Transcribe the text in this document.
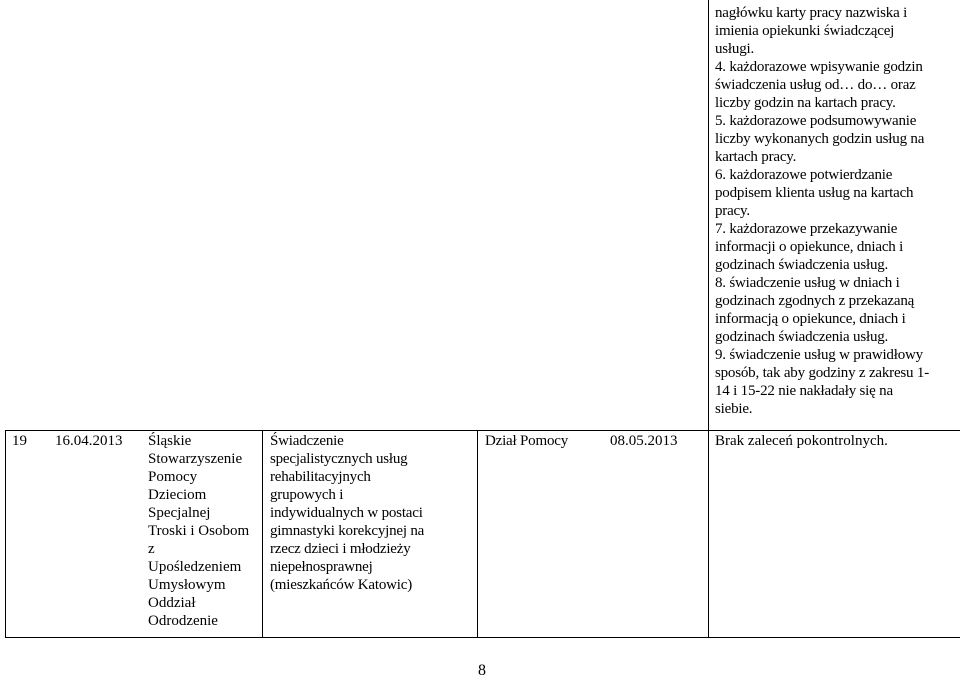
nagłówku karty pracy nazwiska i
imienia opiekunki świadczącej
usługi.
4. każdorazowe wpisywanie godzin
świadczenia usług od… do… oraz
liczby godzin na kartach pracy.
5. każdorazowe podsumowywanie
liczby wykonanych godzin usług na
kartach pracy.
6. każdorazowe potwierdzanie
podpisem klienta usług na kartach
pracy.
7. każdorazowe przekazywanie
informacji o opiekunce, dniach i
godzinach świadczenia usług.
8. świadczenie usług w dniach i
godzinach zgodnych z przekazaną
informacją o opiekunce, dniach i
godzinach świadczenia usług.
9. świadczenie usług w prawidłowy
sposób, tak aby godziny z zakresu 1-
14 i 15-22 nie nakładały się na
siebie.
19 16.04.2013 Śląskie
Stowarzyszenie
Pomocy
Dzieciom
Specjalnej
Troski i Osobom
z
Upośledzeniem
Umysłowym
Oddział
Odrodzenie
Świadczenie
specjalistycznych usług
rehabilitacyjnych
grupowych i
indywidualnych w postaci
gimnastyki korekcyjnej na
rzecz dzieci i młodzieży
niepełnosprawnej
(mieszkańców Katowic)
Dział Pomocy	08.05.2013	Brak zaleceń pokontrolnych.
8
